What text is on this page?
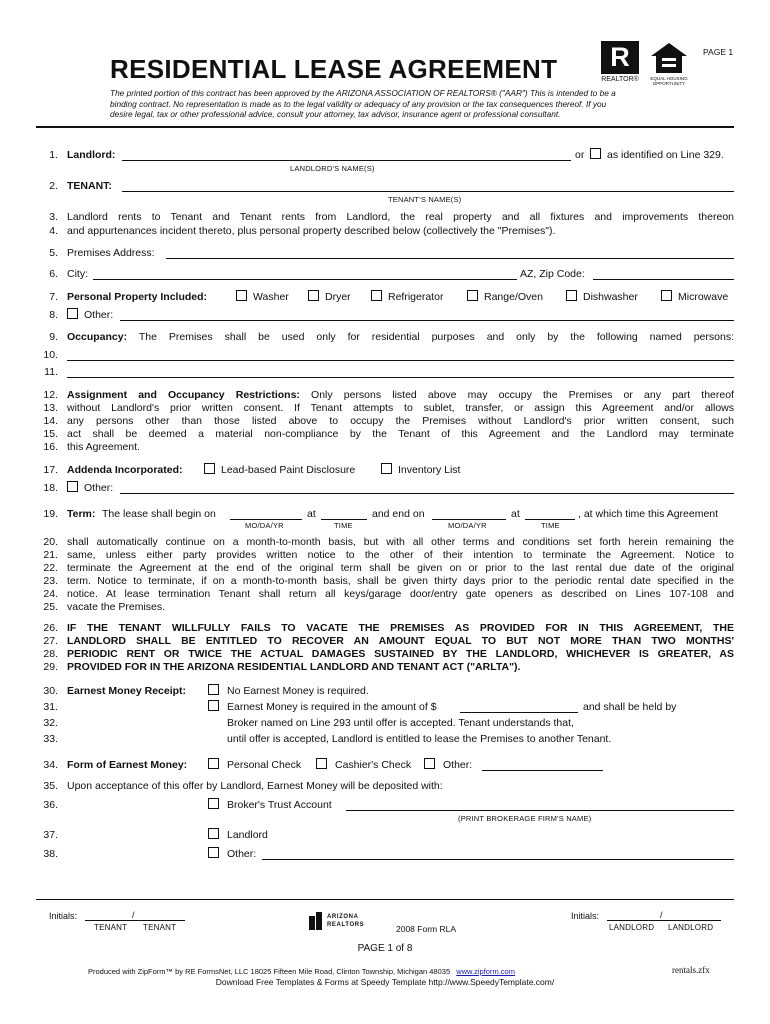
PAGE 1
RESIDENTIAL LEASE AGREEMENT	R
REALTOR®	EQUAL HOUSING OPPORTUNITY
The printed portion of this contract has been approved by the ARIZONA ASSOCIATION OF REALTORS® ("AAR") This is intended to be a
binding contract. No representation is made as to the legal validity or adequacy of any provision or the tax consequences thereof. If you
desire legal, tax or other professional advice, consult your attorney, tax advisor, insurance agent or professional consultant.
1. Landlord:	or as identified on Line 329.
LANDLORD'S NAME(S)
2. TENANT:
TENANT'S NAME(S)
3. Landlord rents to Tenant and Tenant rents from Landlord, the real property and all fixtures and improvements thereon
4. and appurtenances incident thereto, plus personal property described below (collectively the "Premises").
5. Premises Address:
6. City:	AZ, Zip Code:
7. Personal Property Included:	Washer	Dryer	Refrigerator	Range/Oven	Dishwasher	Microwave
8. Other:
9. Occupancy: The Premises shall be used only for residential purposes and only by the following named persons:
10.
11.
12. Assignment and Occupancy Restrictions: Only persons listed above may occupy the Premises or any part thereof
13. without Landlord's prior written consent. If Tenant attempts to sublet, transfer, or assign this Agreement and/or allows
14. any persons other than those listed above to occupy the Premises without Landlord's prior written consent, such
15. act shall be deemed a material non-compliance by the Tenant of this Agreement and the Landlord may terminate
16. this Agreement.
17. Addenda Incorporated:	Lead-based Paint Disclosure	Inventory List
18. Other:
19. Term: The lease shall begin on	at	and end on	at	, at which time this Agreement
MO/DA/YR	TIME	MO/DA/YR	TIME
20. shall automatically continue on a month-to-month basis, but with all other terms and conditions set forth herein remaining the
21. same, unless either party provides written notice to the other of their intention to terminate the Agreement. Notice to
22. terminate the Agreement at the end of the original term shall be given on or prior to the last rental due date of the original
23. term. Notice to terminate, if on a month-to-month basis, shall be given thirty days prior to the periodic rental date specified in the
24. notice. At lease termination Tenant shall return all keys/garage door/entry gate openers as described on Lines 107-108 and
25. vacate the Premises.
26. IF THE TENANT WILLFULLY FAILS TO VACATE THE PREMISES AS PROVIDED FOR IN THIS AGREEMENT, THE
27. LANDLORD SHALL BE ENTITLED TO RECOVER AN AMOUNT EQUAL TO BUT NOT MORE THAN TWO MONTHS'
28. PERIODIC RENT OR TWICE THE ACTUAL DAMAGES SUSTAINED BY THE LANDLORD, WHICHEVER IS GREATER, AS
29. PROVIDED FOR IN THE ARIZONA RESIDENTIAL LANDLORD AND TENANT ACT ("ARLTA").
30. Earnest Money Receipt:	No Earnest Money is required.
31.	Earnest Money is required in the amount of $	and shall be held by
32.	Broker named on Line 293 until offer is accepted. Tenant understands that,
33.	until offer is accepted, Landlord is entitled to lease the Premises to another Tenant.
34. Form of Earnest Money:	Personal Check	Cashier's Check	Other:
35. Upon acceptance of this offer by Landlord, Earnest Money will be deposited with:
36.	Broker's Trust Account
(PRINT BROKERAGE FIRM'S NAME)
37.	Landlord
38.	Other:
Initials:	/
TENANT TENANT
ARIZONA
REALTORS	2008 Form RLA
Initials:	/
LANDLORD LANDLORD
PAGE 1 of 8
Produced with ZipForm™ by RE FormsNet, LLC 18025 Fifteen Mile Road, Clinton Township, Michigan 48035 www.zipform.com	rentals.zfx
Download Free Templates & Forms at Speedy Template http://www.SpeedyTemplate.com/
